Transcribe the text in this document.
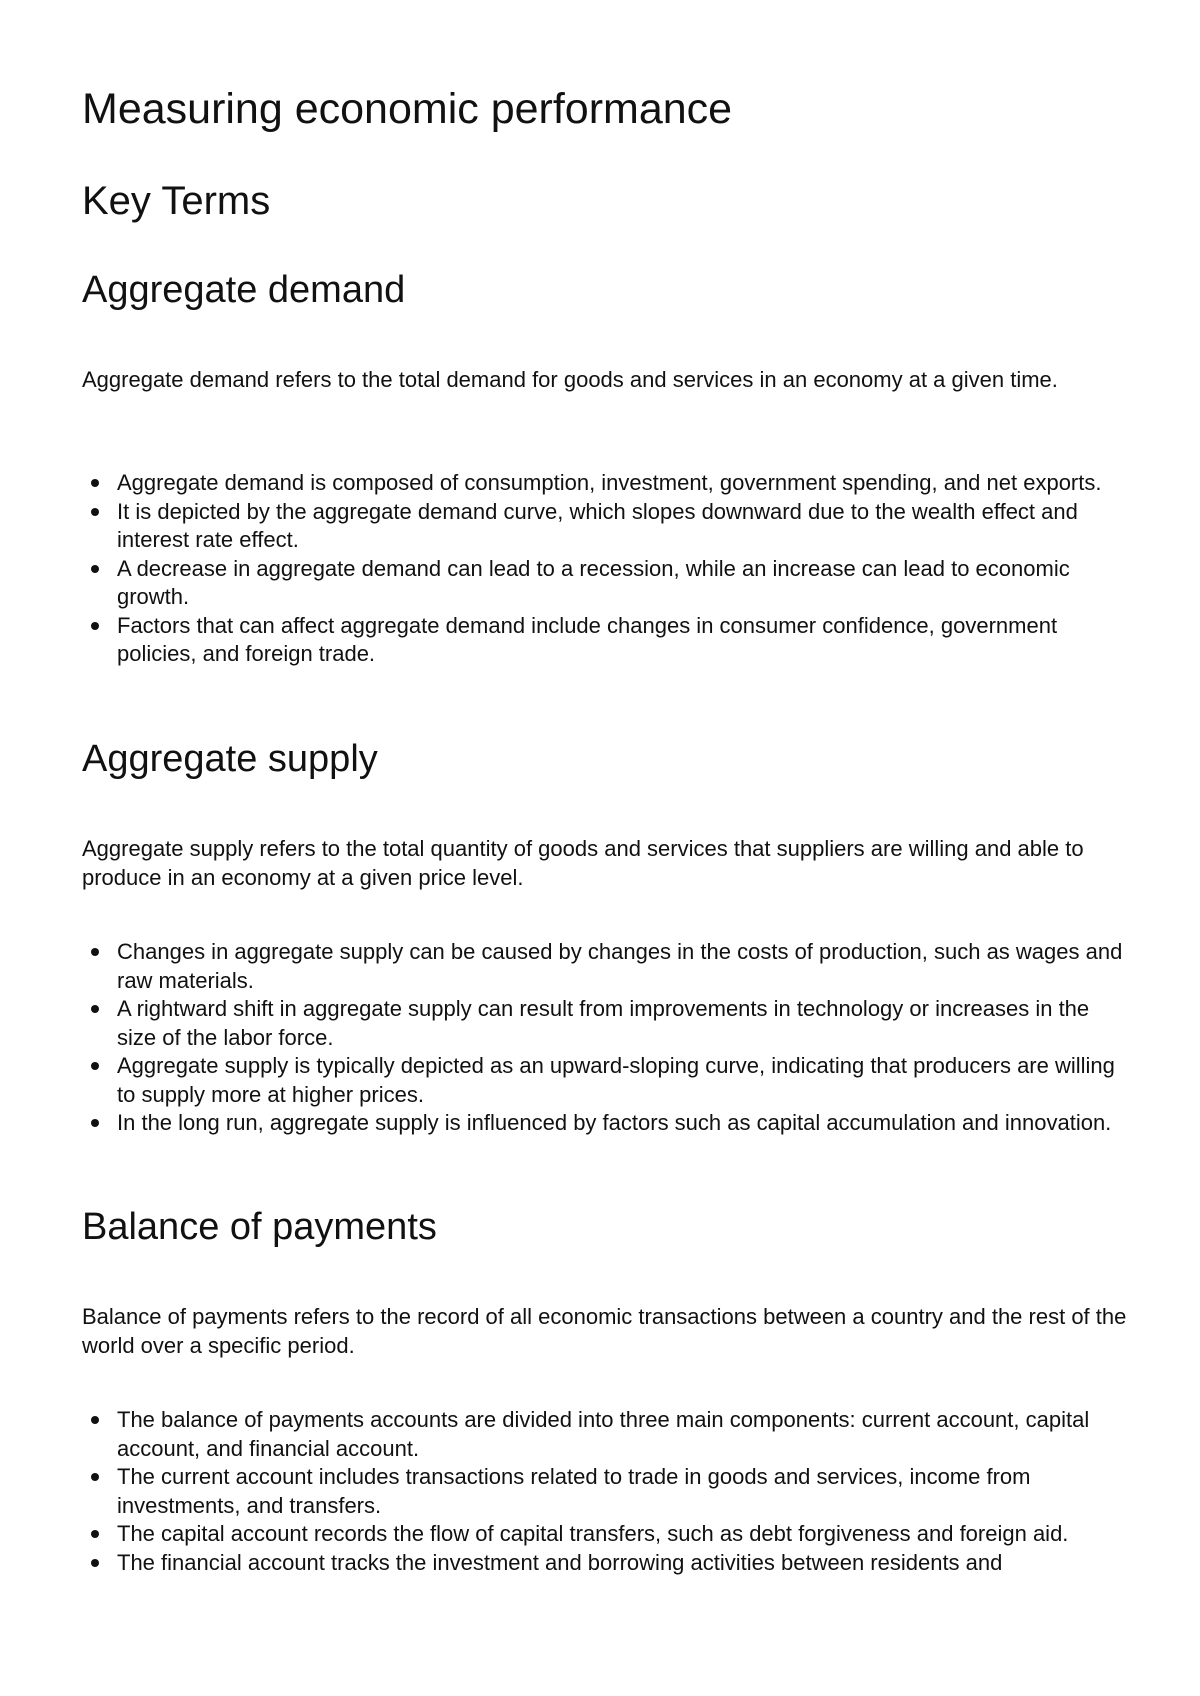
Measuring economic performance
Key Terms
Aggregate demand

Aggregate demand refers to the total demand for goods and services in an economy at a given time.

Aggregate demand is composed of consumption, investment, government spending, and net exports.
It is depicted by the aggregate demand curve, which slopes downward due to the wealth effect and interest rate effect.
A decrease in aggregate demand can lead to a recession, while an increase can lead to economic growth.
Factors that can affect aggregate demand include changes in consumer confidence, government policies, and foreign trade.
Aggregate supply

Aggregate supply refers to the total quantity of goods and services that suppliers are willing and able to produce in an economy at a given price level.

Changes in aggregate supply can be caused by changes in the costs of production, such as wages and raw materials.
A rightward shift in aggregate supply can result from improvements in technology or increases in the size of the labor force.
Aggregate supply is typically depicted as an upward-sloping curve, indicating that producers are willing to supply more at higher prices.
In the long run, aggregate supply is influenced by factors such as capital accumulation and innovation.
Balance of payments

Balance of payments refers to the record of all economic transactions between a country and the rest of the world over a specific period.

The balance of payments accounts are divided into three main components: current account, capital account, and financial account.
The current account includes transactions related to trade in goods and services, income from investments, and transfers.
The capital account records the flow of capital transfers, such as debt forgiveness and foreign aid.
The financial account tracks the investment and borrowing activities between residents and
